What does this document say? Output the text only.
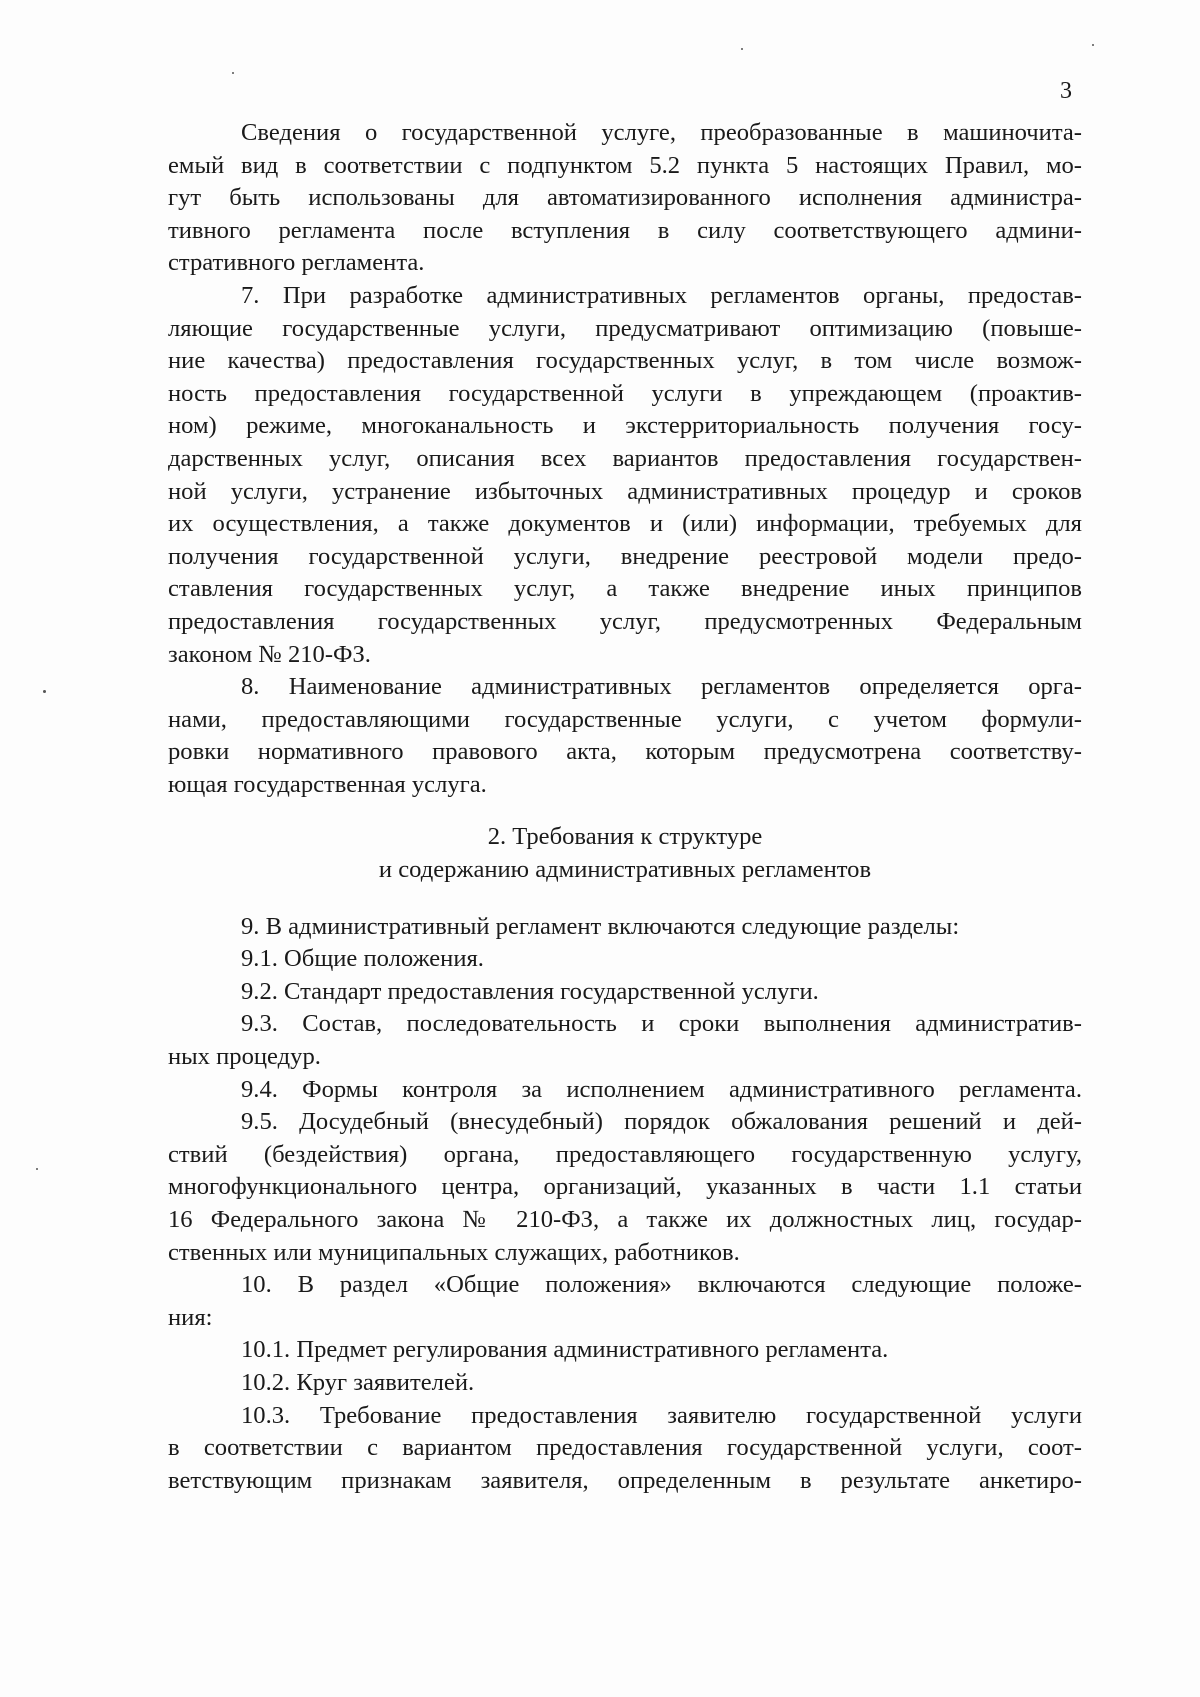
3
Сведения о государственной услуге, преобразованные в машиночита-
емый вид в соответствии с подпунктом 5.2 пункта 5 настоящих Правил, мо-
гут быть использованы для автоматизированного исполнения администра-
тивного регламента после вступления в силу соответствующего админи-
стративного регламента.
7. При разработке административных регламентов органы, предостав-
ляющие государственные услуги, предусматривают оптимизацию (повыше-
ние качества) предоставления государственных услуг, в том числе возмож-
ность предоставления государственной услуги в упреждающем (проактив-
ном) режиме, многоканальность и экстерриториальность получения госу-
дарственных услуг, описания всех вариантов предоставления государствен-
ной услуги, устранение избыточных административных процедур и сроков
их осуществления, а также документов и (или) информации, требуемых для
получения государственной услуги, внедрение реестровой модели предо-
ставления государственных услуг, а также внедрение иных принципов
предоставления государственных услуг, предусмотренных Федеральным
законом № 210-ФЗ.
8. Наименование административных регламентов определяется орга-
нами, предоставляющими государственные услуги, с учетом формули-
ровки нормативного правового акта, которым предусмотрена соответству-
ющая государственная услуга.
2. Требования к структуре
и содержанию административных регламентов
9. В административный регламент включаются следующие разделы:
9.1. Общие положения.
9.2. Стандарт предоставления государственной услуги.
9.3. Состав, последовательность и сроки выполнения административ-
ных процедур.
9.4. Формы контроля за исполнением административного регламента.
9.5. Досудебный (внесудебный) порядок обжалования решений и дей-
ствий (бездействия) органа, предоставляющего государственную услугу,
многофункционального центра, организаций, указанных в части 1.1 статьи
16 Федерального закона № 210-ФЗ, а также их должностных лиц, государ-
ственных или муниципальных служащих, работников.
10. В раздел «Общие положения» включаются следующие положе-
ния:
10.1. Предмет регулирования административного регламента.
10.2. Круг заявителей.
10.3. Требование предоставления заявителю государственной услуги
в соответствии с вариантом предоставления государственной услуги, соот-
ветствующим признакам заявителя, определенным в результате анкетиро-
